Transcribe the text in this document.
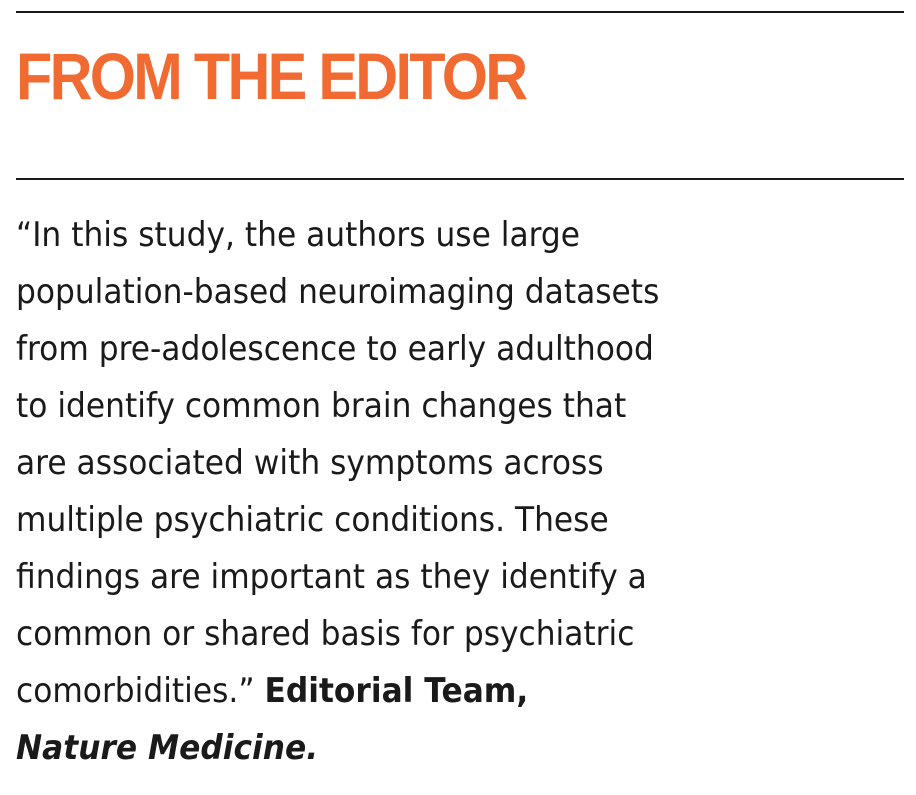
FROM THE EDITOR

“In this study, the authors use large
population-based neuroimaging datasets
from pre-adolescence to early adulthood
to identify common brain changes that
are associated with symptoms across
multiple psychiatric conditions. These
findings are important as they identify a
common or shared basis for psychiatric
comorbidities.” Editorial Team,
Nature Medicine.
